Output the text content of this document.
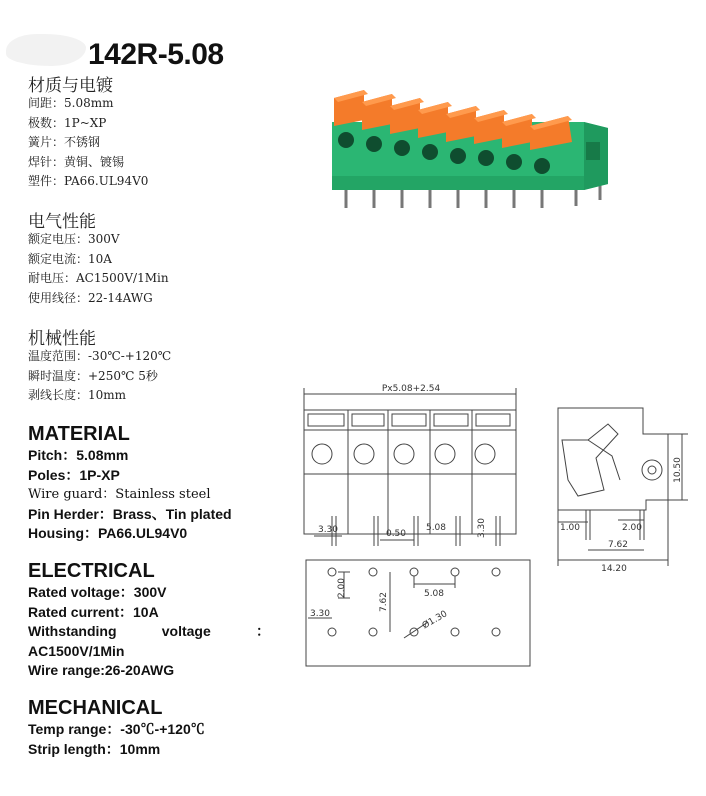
142R-5.08
材质与电镀
间距：5.08mm
极数：1P~XP
簧片：不锈钢
焊针：黄铜、镀锡
塑件：PA66.UL94V0
电气性能
额定电压：300V
额定电流：10A
耐电压：AC1500V/1Min
使用线径：22-14AWG
机械性能
温度范围：-30℃-+120℃
瞬时温度：+250℃ 5秒
剥线长度：10mm
MATERIAL
Pitch：5.08mm
Poles：1P-XP
Wire guard：Stainless steel
Pin Herder：Brass、Tin plated
Housing：PA66.UL94V0
ELECTRICAL
Rated voltage：300V
Rated current：10A
Withstanding	voltage	：
AC1500V/1Min
Wire range:26-20AWG
MECHANICAL
Temp range：-30℃-+120℃
Strip length：10mm
Px5.08+2.54
3.30	0.50
5.08	3.30
10.50
1.00	2.00
7.62
14.20
2.00
7.62	5.08
3.30	Ø1.30
